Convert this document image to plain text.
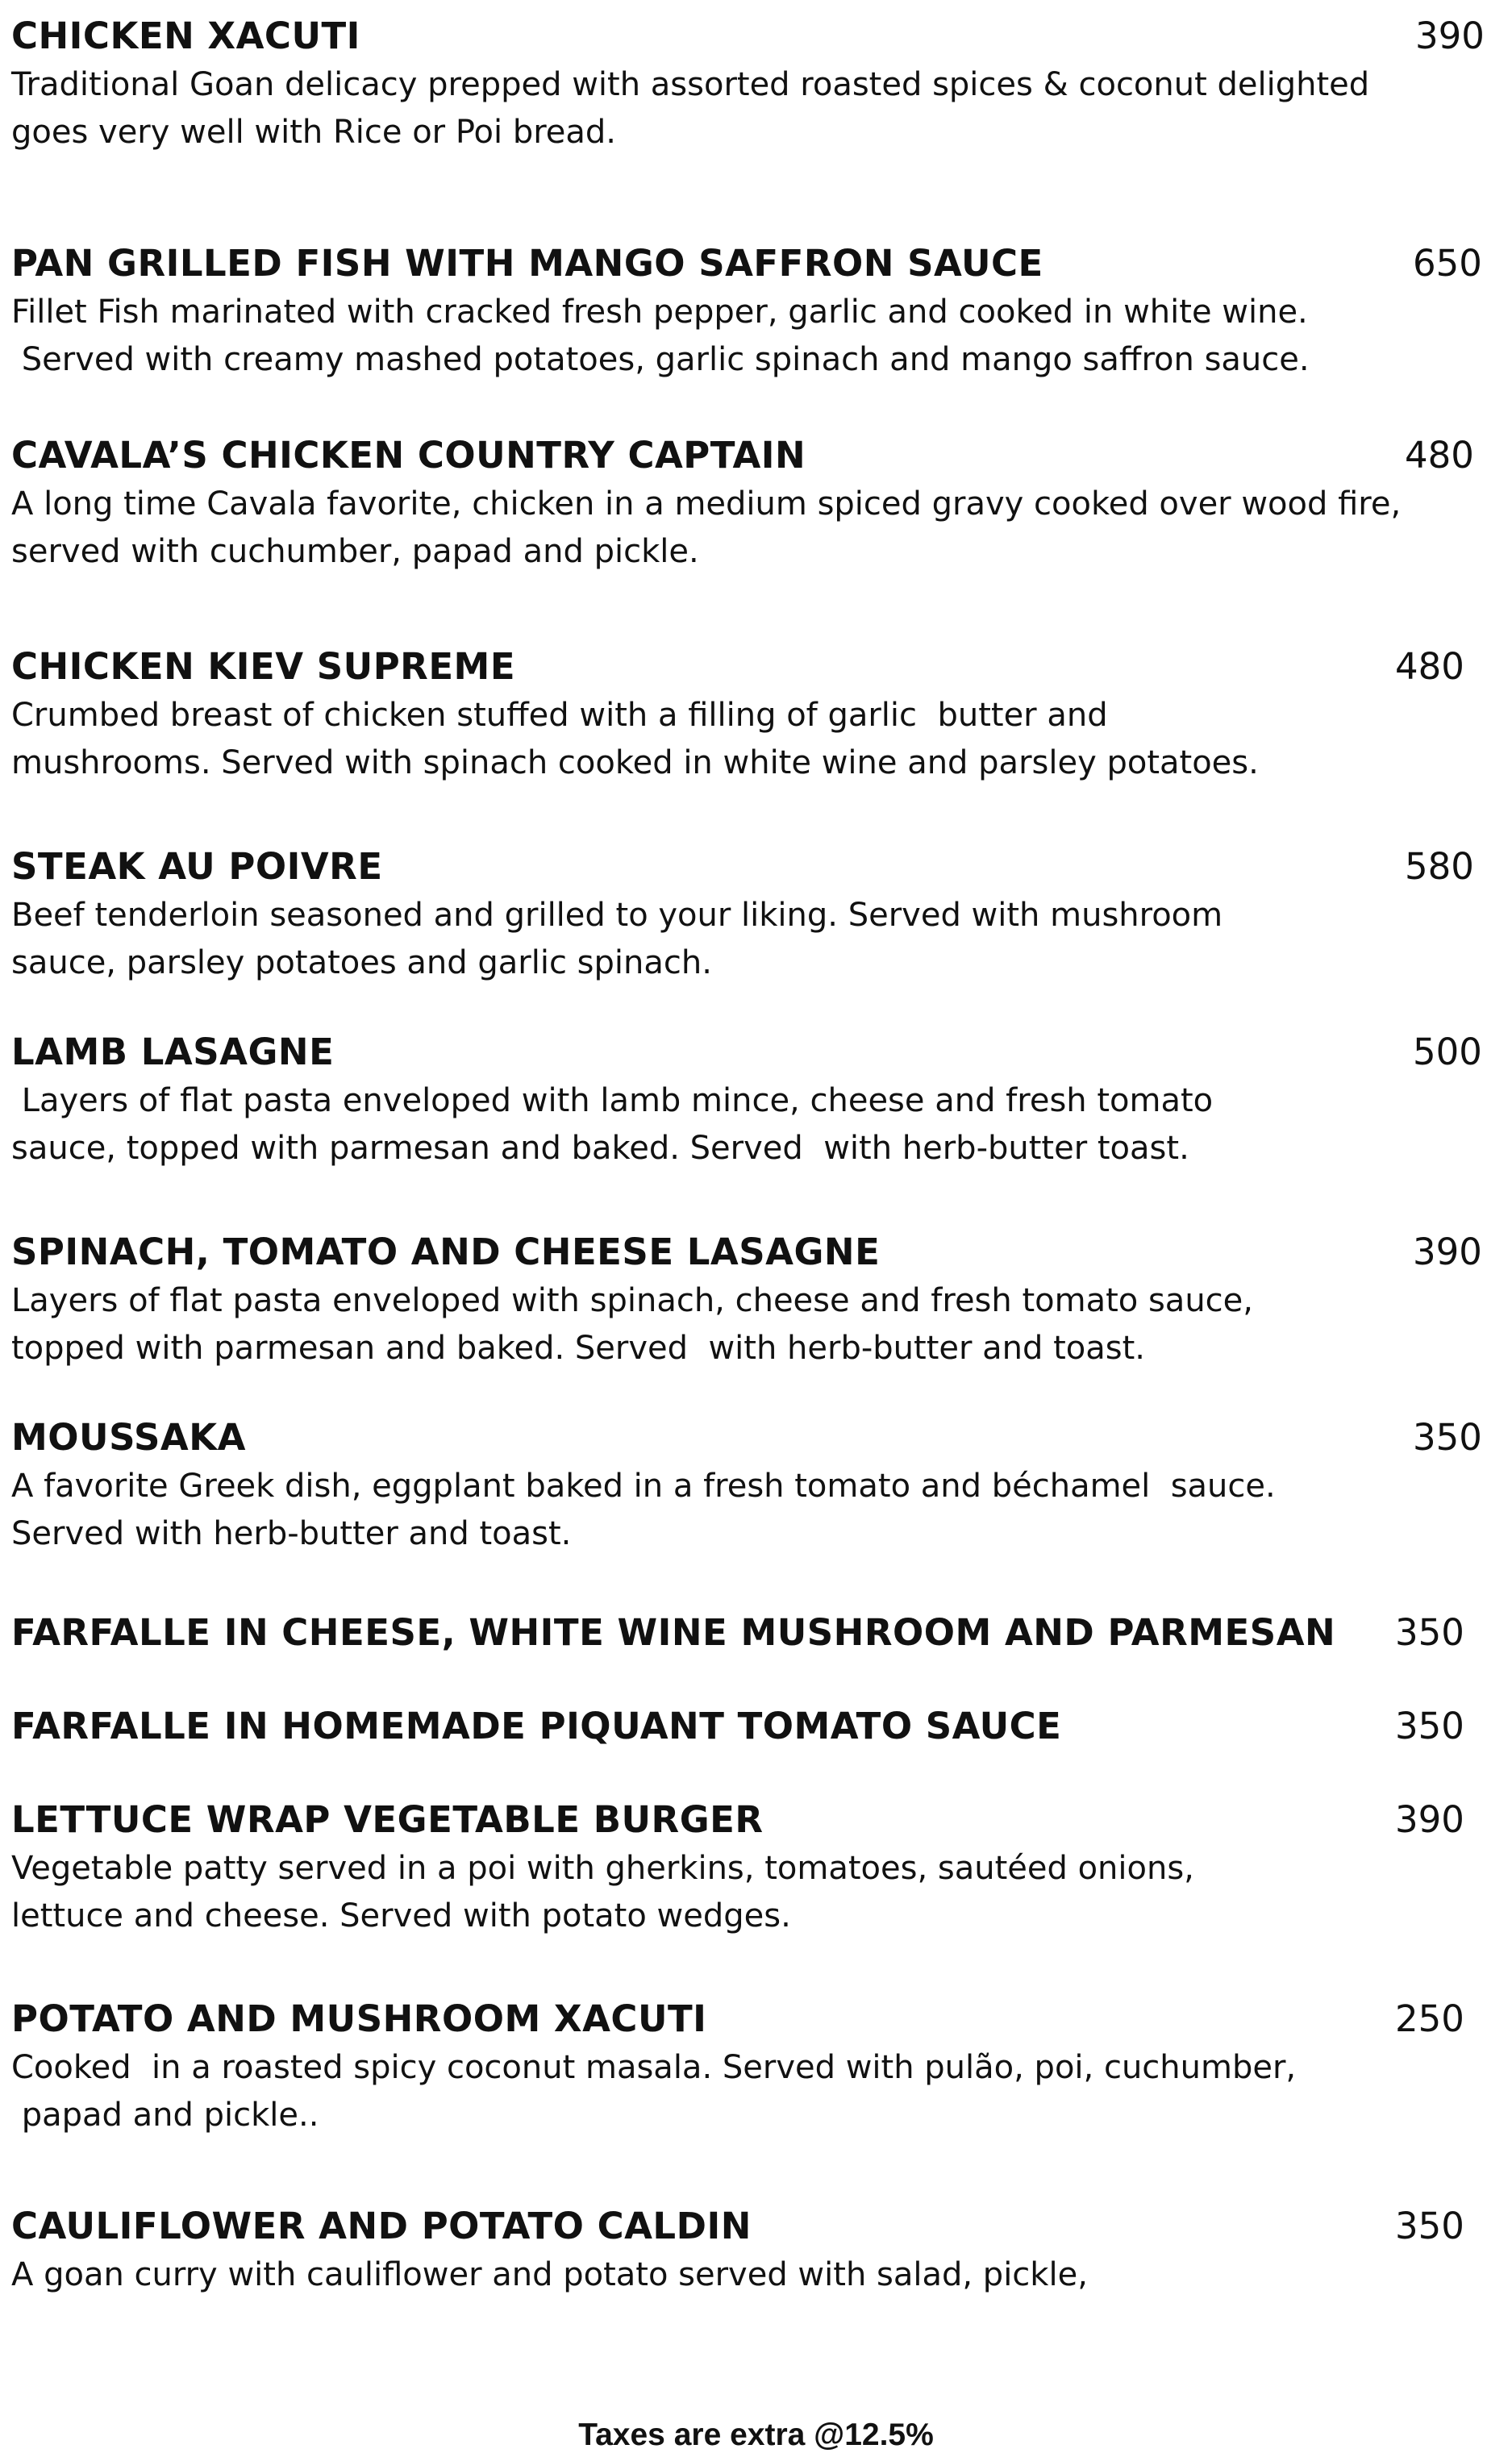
CHICKEN XACUTI	390
Traditional Goan delicacy prepped with assorted roasted spices & coconut delighted
goes very well with Rice or Poi bread.
PAN GRILLED FISH WITH MANGO SAFFRON SAUCE	650
Fillet Fish marinated with cracked fresh pepper, garlic and cooked in white wine.
Served with creamy mashed potatoes, garlic spinach and mango saffron sauce.
CAVALA’S CHICKEN COUNTRY CAPTAIN	480
A long time Cavala favorite, chicken in a medium spiced gravy cooked over wood fire,
served with cuchumber, papad and pickle.
CHICKEN KIEV SUPREME	480
Crumbed breast of chicken stuffed with a filling of garlic  butter and
mushrooms. Served with spinach cooked in white wine and parsley potatoes.
STEAK AU POIVRE	580
Beef tenderloin seasoned and grilled to your liking. Served with mushroom
sauce, parsley potatoes and garlic spinach.
LAMB LASAGNE	500
Layers of flat pasta enveloped with lamb mince, cheese and fresh tomato
sauce, topped with parmesan and baked. Served  with herb-butter toast.
SPINACH, TOMATO AND CHEESE LASAGNE	390
Layers of flat pasta enveloped with spinach, cheese and fresh tomato sauce,
topped with parmesan and baked. Served  with herb-butter and toast.
MOUSSAKA	350
A favorite Greek dish, eggplant baked in a fresh tomato and béchamel  sauce.
Served with herb-butter and toast.
FARFALLE IN CHEESE, WHITE WINE MUSHROOM AND PARMESAN 350
FARFALLE IN HOMEMADE PIQUANT TOMATO SAUCE	350
LETTUCE WRAP VEGETABLE BURGER	390
Vegetable patty served in a poi with gherkins, tomatoes, sautéed onions,
lettuce and cheese. Served with potato wedges.
POTATO AND MUSHROOM XACUTI	250
Cooked  in a roasted spicy coconut masala. Served with pulão, poi, cuchumber,
papad and pickle..
CAULIFLOWER AND POTATO CALDIN	350
A goan curry with cauliflower and potato served with salad, pickle,
Taxes are extra @12.5%
